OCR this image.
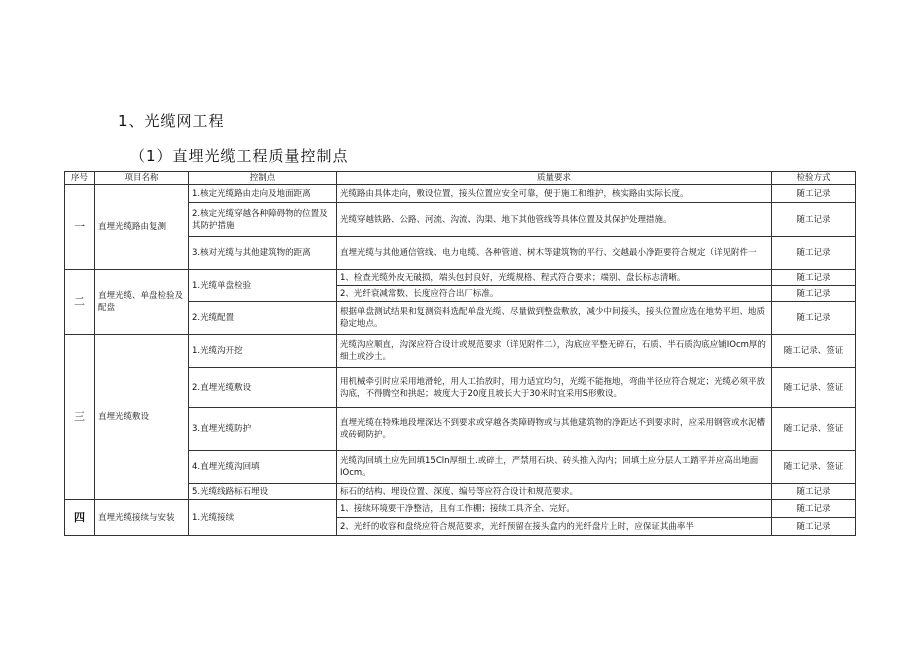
1、光缆网工程
（1）直埋光缆工程质量控制点
序号	项目名称	控制点	质量要求	检验方式
一	直埋光缆路由复测	1.核定光缆路由走向及地面距离	光缆路由具体走向，敷设位置，接头位置应安全可靠，便于施工和维护，核实路由实际长度。	随工记录
		2.核定光缆穿越各种障碍物的位置及其防护措施	光缆穿越铁路、公路、河流、沟流、沟渠、地下其他管线等具体位置及其保护处理措施。	随工记录
		3.核对光缆与其他建筑物的距离	直埋光缆与其他通信管线、电力电缆、各种管道、树木等建筑物的平行、交越最小净距要符合规定（详见附件一	随工记录
二	直埋光缆、单盘检验及配盘	1.光缆单盘检验	1、检查光缆外皮无破损，端头包封良好，光缆规格、程式符合要求；端别、盘长标志清晰。	随工记录
			2、光纤衰减常数、长度应符合出厂标准。	随工记录
		2.光缆配置	根据单盘测试结果和复测资料选配单盘光缆、尽量做到整盘敷放，减少中间接头，接头位置应选在地势平坦、地质稳定地点。	随工记录
三	直埋光缆敷设	1.光缆沟开挖	光缆沟应顺直，沟深应符合设计或规范要求（详见附件二），沟底应平整无碎石，石质、半石质沟底应铺IOcm厚的细土或沙土。	随工记录、签证
		2.直埋光缆敷设	用机械牵引时应采用地滑轮，用人工抬放时，用力适宜均匀，光缆不能拖地，弯曲半径应符合规定；光缆必须平放沟底，不得腾空和拱起；坡度大于20度且坡长大于30米时宜采用S形敷设。	随工记录、签证
		3.直埋光缆防护	直埋光缆在特殊地段埋深达不到要求或穿越各类障碍物或与其他建筑物的净距达不到要求时，应采用钢管或水泥槽或砖砌防护。	随工记录、签证
		4.直埋光缆沟回填	光缆沟回填土应先回填15Cln厚细土.或碎土，严禁用石块、砖头推入沟内；回填土应分层人工踏平并应高出地面IOcm。	随工记录、签证
		5.光缆线路标石埋设	标石的结构、埋设位置、深度、编号等应符合设计和规范要求。	随工记录
四	直埋光缆接续与安装	1.光缆接续	1、接续环境要干净整洁，且有工作棚；接续工具齐全、完好。	随工记录
			2、光纤的收容和盘绕应符合规范要求，光纤预留在接头盒内的光纤盘片上时，应保证其曲率半	随工记录
